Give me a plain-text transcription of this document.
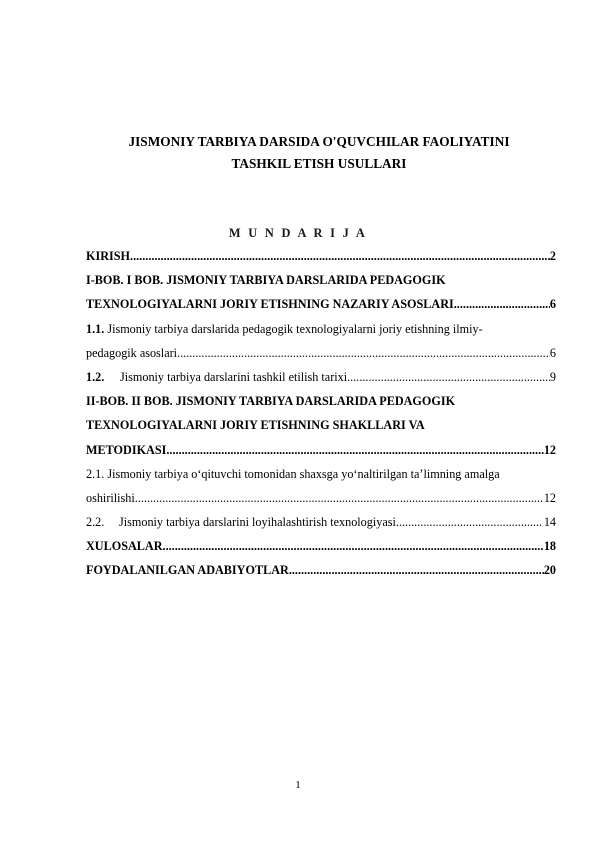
JISMONIY TARBIYA DARSIDA O'QUVCHILAR FAOLIYATINI
TASHKIL ETISH USULLARI
M U N D A R I J A
KIRISH .....	2
I-BOB. I BOB. JISMONIY TARBIYA DARSLARIDA PEDAGOGIK
TEXNOLOGIYALARNI JORIY ETISHNING NAZARIY ASOSLARI .....	6
1.1. Jismoniy tarbiya darslarida pedagogik texnologiyalarni joriy etishning ilmiy-
pedagogik asoslari .....	6
1.2.	Jismoniy tarbiya darslarini tashkil etilish tarixi .....	9
II-BOB. II BOB. JISMONIY TARBIYA DARSLARIDA PEDAGOGIK
TEXNOLOGIYALARNI JORIY ETISHNING SHAKLLARI VA
METODIKASI .....	12
2.1. Jismoniy tarbiya o‘qituvchi tomonidan shaxsga yo‘naltirilgan ta’limning amalga
oshirilishi .....	12
2.2.	Jismoniy tarbiya darslarini loyihalashtirish texnologiyasi .....	14
XULOSALAR .....	18
FOYDALANILGAN ADABIYOTLAR .....	20
1
